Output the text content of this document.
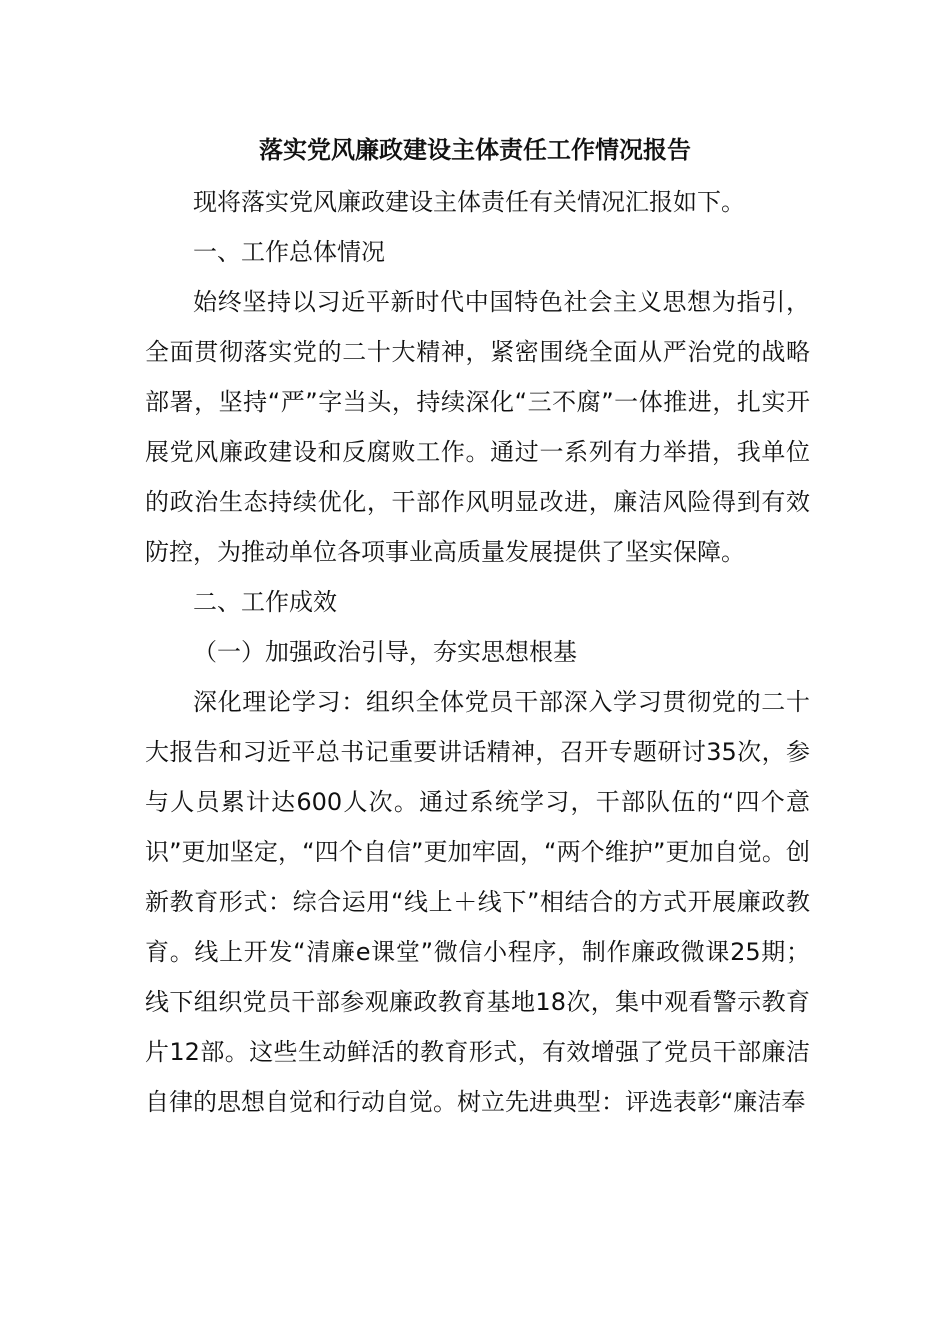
落实党风廉政建设主体责任工作情况报告

现将落实党风廉政建设主体责任有关情况汇报如下。

一、工作总体情况

始终坚持以习近平新时代中国特色社会主义思想为指引，全面贯彻落实党的二十大精神，紧密围绕全面从严治党的战略部署，坚持“严”字当头，持续深化“三不腐”一体推进，扎实开展党风廉政建设和反腐败工作。通过一系列有力举措，我单位的政治生态持续优化，干部作风明显改进，廉洁风险得到有效防控，为推动单位各项事业高质量发展提供了坚实保障。

二、工作成效

（一）加强政治引导，夯实思想根基

深化理论学习：组织全体党员干部深入学习贯彻党的二十大报告和习近平总书记重要讲话精神，召开专题研讨35次，参与人员累计达600人次。通过系统学习，干部队伍的“四个意识”更加坚定，“四个自信”更加牢固，“两个维护”更加自觉。创新教育形式：综合运用“线上＋线下”相结合的方式开展廉政教育。线上开发“清廉e课堂”微信小程序，制作廉政微课25期；线下组织党员干部参观廉政教育基地18次，集中观看警示教育片12部。这些生动鲜活的教育形式，有效增强了党员干部廉洁自律的思想自觉和行动自觉。树立先进典型：评选表彰“廉洁奉
